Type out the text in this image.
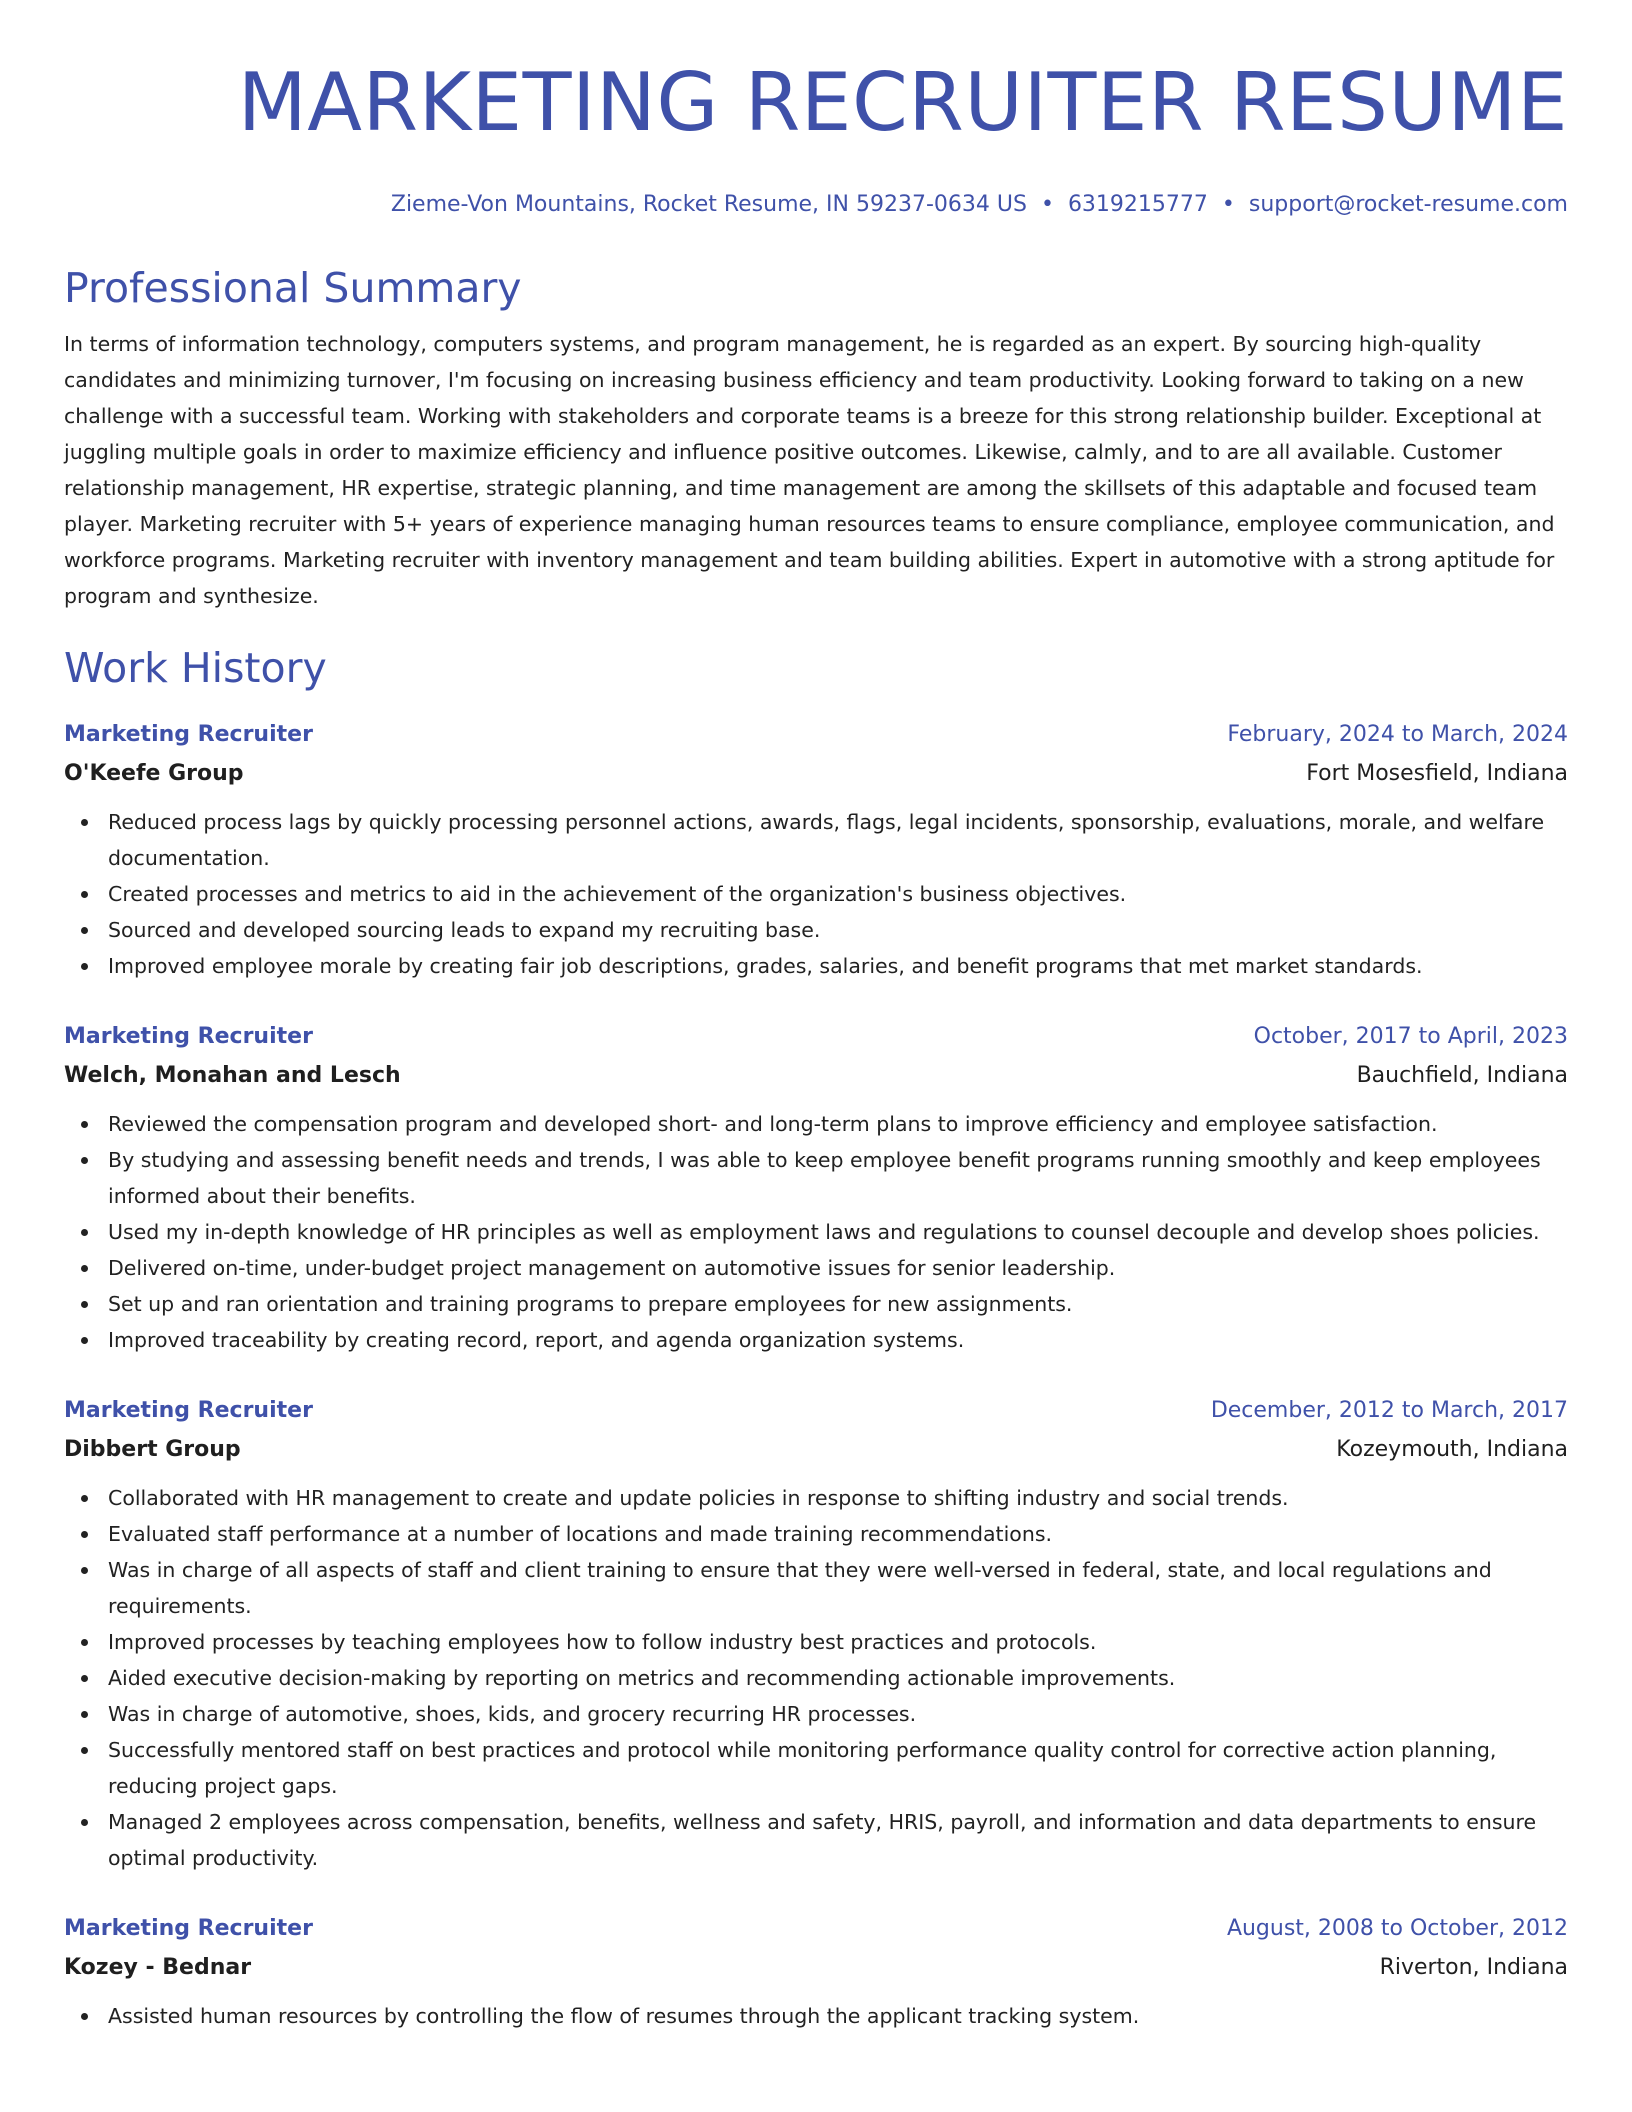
MARKETING RECRUITER RESUME
Zieme-Von Mountains, Rocket Resume, IN 59237-0634 US • 6319215777 • support@rocket-resume.com
Professional Summary

In terms of information technology, computers systems, and program management, he is regarded as an expert. By sourcing high-quality candidates and minimizing turnover, I'm focusing on increasing business efficiency and team productivity. Looking forward to taking on a new challenge with a successful team. Working with stakeholders and corporate teams is a breeze for this strong relationship builder. Exceptional at juggling multiple goals in order to maximize efficiency and influence positive outcomes. Likewise, calmly, and to are all available. Customer relationship management, HR expertise, strategic planning, and time management are among the skillsets of this adaptable and focused team player. Marketing recruiter with 5+ years of experience managing human resources teams to ensure compliance, employee communication, and workforce programs. Marketing recruiter with inventory management and team building abilities. Expert in automotive with a strong aptitude for program and synthesize.

Work History
Marketing Recruiter	February, 2024 to March, 2024
O'Keefe Group	Fort Mosesfield, Indiana
Reduced process lags by quickly processing personnel actions, awards, flags, legal incidents, sponsorship, evaluations, morale, and welfare documentation.
Created processes and metrics to aid in the achievement of the organization's business objectives.
Sourced and developed sourcing leads to expand my recruiting base.
Improved employee morale by creating fair job descriptions, grades, salaries, and benefit programs that met market standards.
Marketing Recruiter	October, 2017 to April, 2023
Welch, Monahan and Lesch	Bauchfield, Indiana
Reviewed the compensation program and developed short- and long-term plans to improve efficiency and employee satisfaction.
By studying and assessing benefit needs and trends, I was able to keep employee benefit programs running smoothly and keep employees informed about their benefits.
Used my in-depth knowledge of HR principles as well as employment laws and regulations to counsel decouple and develop shoes policies.
Delivered on-time, under-budget project management on automotive issues for senior leadership.
Set up and ran orientation and training programs to prepare employees for new assignments.
Improved traceability by creating record, report, and agenda organization systems.
Marketing Recruiter	December, 2012 to March, 2017
Dibbert Group	Kozeymouth, Indiana
Collaborated with HR management to create and update policies in response to shifting industry and social trends.
Evaluated staff performance at a number of locations and made training recommendations.
Was in charge of all aspects of staff and client training to ensure that they were well-versed in federal, state, and local regulations and requirements.
Improved processes by teaching employees how to follow industry best practices and protocols.
Aided executive decision-making by reporting on metrics and recommending actionable improvements.
Was in charge of automotive, shoes, kids, and grocery recurring HR processes.
Successfully mentored staff on best practices and protocol while monitoring performance quality control for corrective action planning, reducing project gaps.
Managed 2 employees across compensation, benefits, wellness and safety, HRIS, payroll, and information and data departments to ensure optimal productivity.
Marketing Recruiter	August, 2008 to October, 2012
Kozey - Bednar	Riverton, Indiana
Assisted human resources by controlling the flow of resumes through the applicant tracking system.
